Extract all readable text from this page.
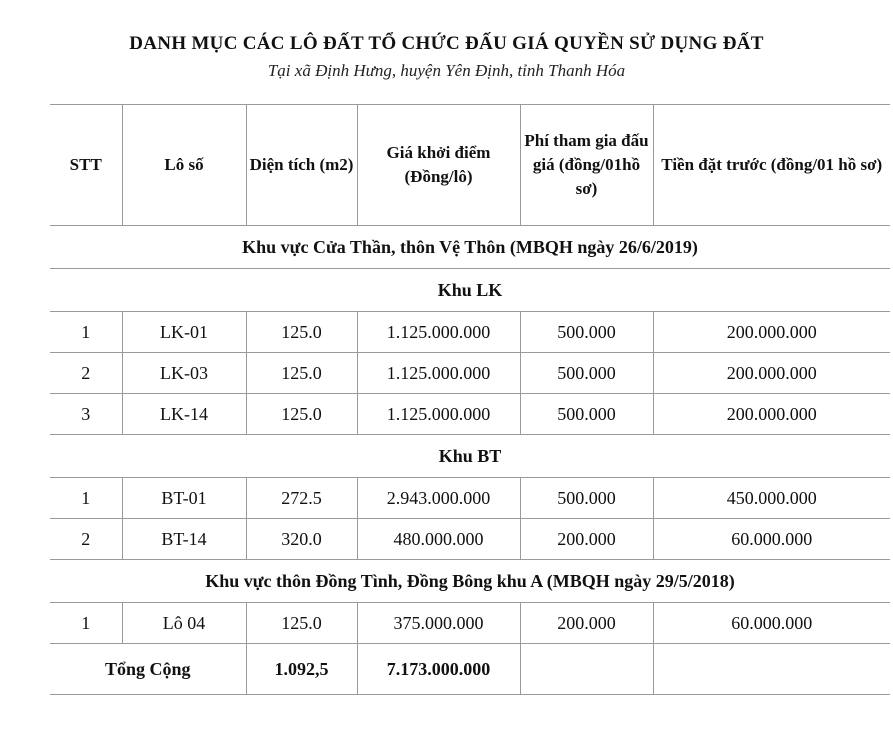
DANH MỤC CÁC LÔ ĐẤT TỔ CHỨC ĐẤU GIÁ QUYỀN SỬ DỤNG ĐẤT
Tại xã Định Hưng, huyện Yên Định, tỉnh Thanh Hóa
STT	Lô số	Diện tích (m2)	Giá khởi điểm (Đồng/lô)	Phí tham gia đấu giá (đồng/01hồ sơ)	Tiền đặt trước (đồng/01 hồ sơ)
Khu vực Cửa Thần, thôn Vệ Thôn (MBQH ngày 26/6/2019)					
Khu LK					
1	LK-01	125.0	1.125.000.000	500.000	200.000.000
2	LK-03	125.0	1.125.000.000	500.000	200.000.000
3	LK-14	125.0	1.125.000.000	500.000	200.000.000
Khu BT					
1	BT-01	272.5	2.943.000.000	500.000	450.000.000
2	BT-14	320.0	480.000.000	200.000	60.000.000
Khu vực thôn Đồng Tình, Đồng Bông khu A (MBQH ngày 29/5/2018)					
1	Lô 04	125.0	375.000.000	200.000	60.000.000
Tổng Cộng		1.092,5	7.173.000.000		
